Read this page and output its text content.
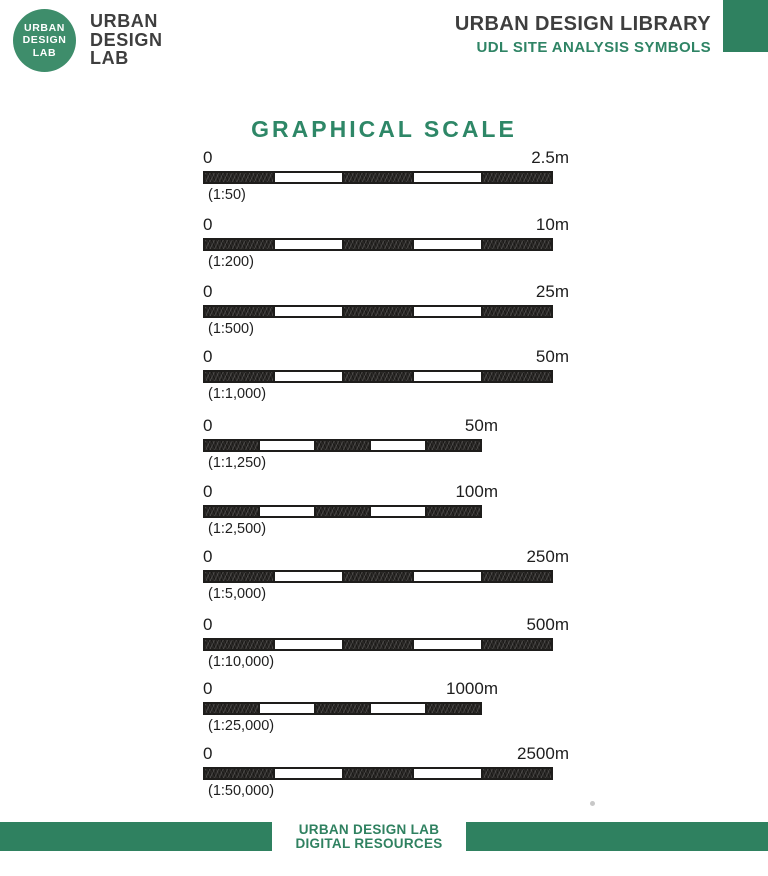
URBAN
DESIGN
LAB
URBAN
DESIGN
LAB
URBAN DESIGN LIBRARY
UDL SITE ANALYSIS SYMBOLS
GRAPHICAL SCALE
0	2.5m
(1:50)
0	10m
(1:200)
0	25m
(1:500)
0	50m
(1:1,000)
0	50m
(1:1,250)
0	100m
(1:2,500)
0	250m
(1:5,000)
0	500m
(1:10,000)
0	1000m
(1:25,000)
0	2500m
(1:50,000)
URBAN DESIGN LAB
DIGITAL RESOURCES
